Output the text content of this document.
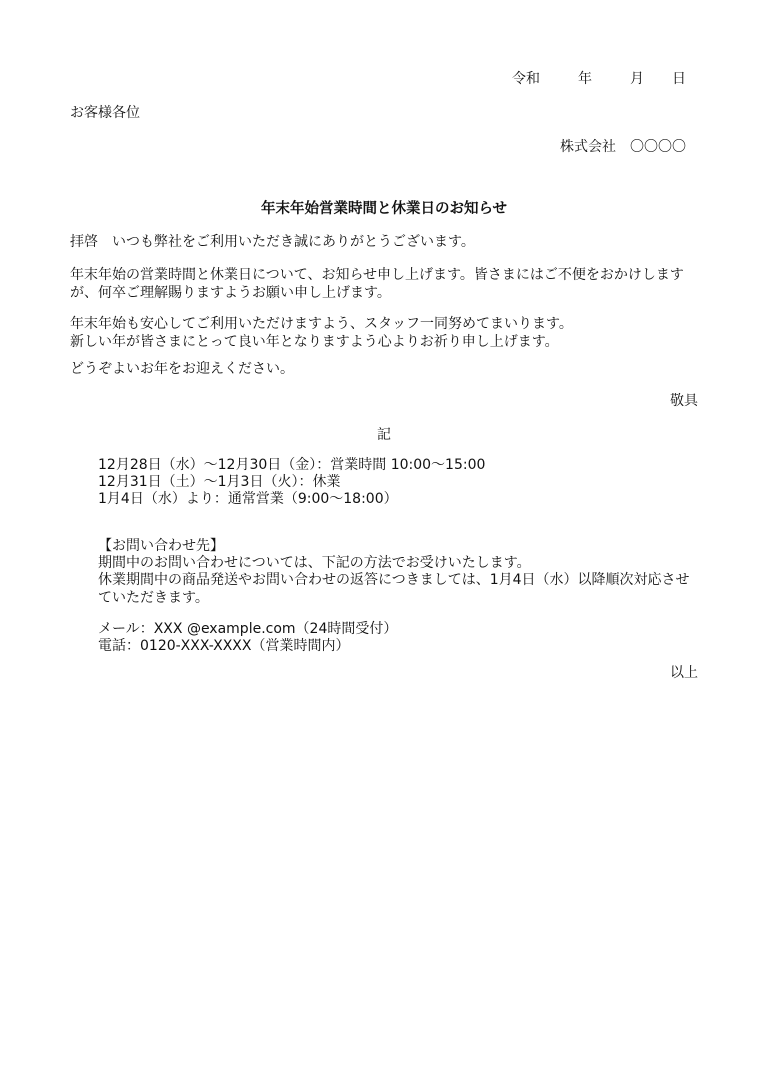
令和	年	月 日
お客様各位
株式会社　〇〇〇〇
年末年始営業時間と休業日のお知らせ
拝啓　いつも弊社をご利用いただき誠にありがとうございます。
年末年始の営業時間と休業日について、お知らせ申し上げます。皆さまにはご不便をおかけしますが、何卒ご理解賜りますようお願い申し上げます。
年末年始も安心してご利用いただけますよう、スタッフ一同努めてまいります。
新しい年が皆さまにとって良い年となりますよう心よりお祈り申し上げます。
どうぞよいお年をお迎えください。
敬具
記
12月28日（水）〜12月30日（金）：営業時間 10:00〜15:00
12月31日（土）〜1月3日（火）：休業
1月4日（水）より：通常営業（9:00〜18:00）
【お問い合わせ先】
期間中のお問い合わせについては、下記の方法でお受けいたします。
休業期間中の商品発送やお問い合わせの返答につきましては、1月4日（水）以降順次対応させていただきます。
メール：XXX @example.com（24時間受付）
電話：0120-XXX-XXXX（営業時間内）
以上
